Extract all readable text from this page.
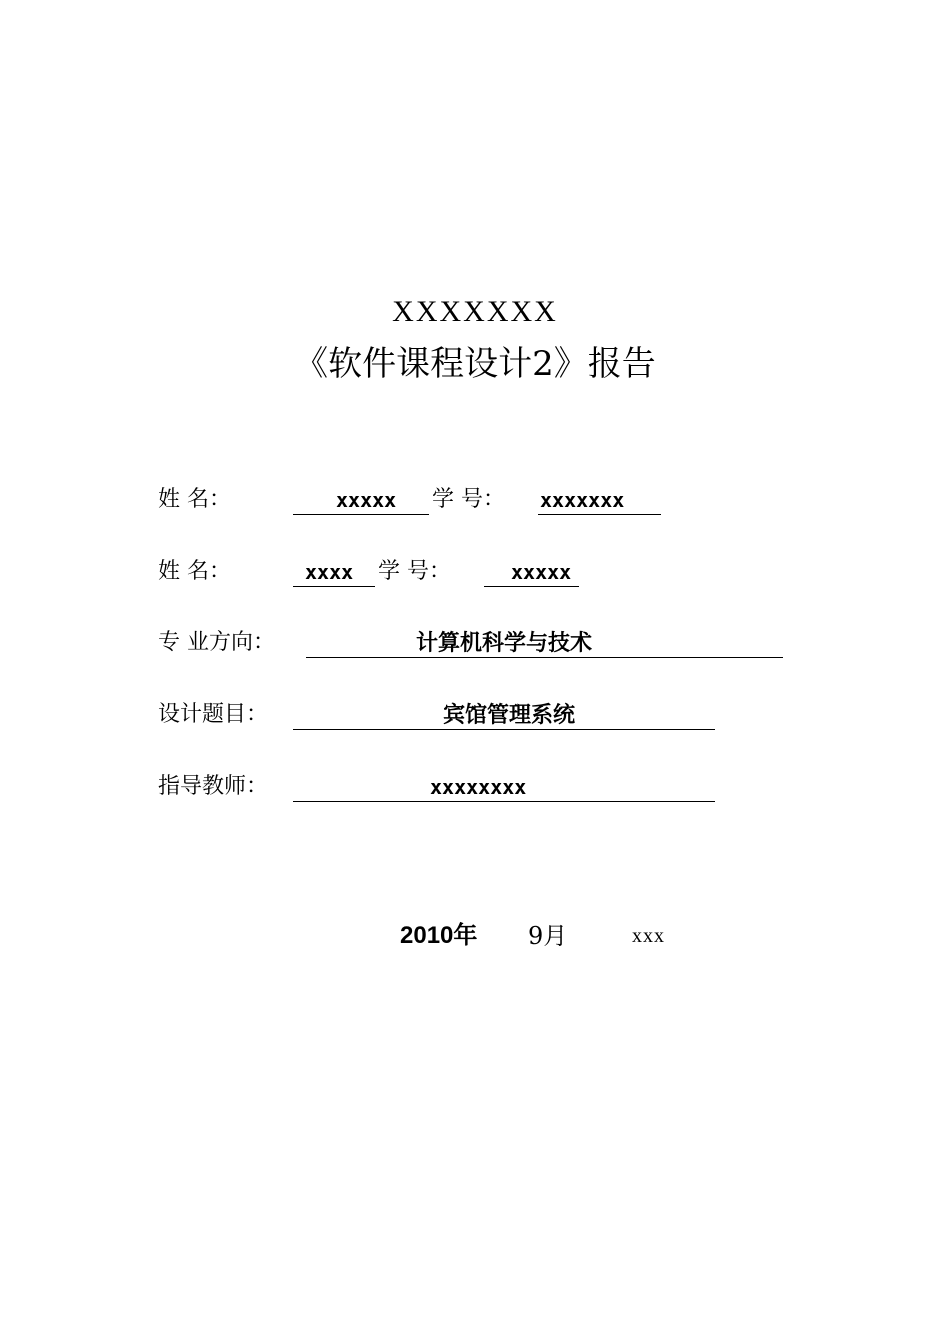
XXXXXXX
《软件课程设计2》报告
姓 名：	xxxxx 学 号： xxxxxxx
姓 名：	xxxx 学 号：	xxxxx
专 业方向：	计算机科学与技术
设计题目：	宾馆管理系统
指导教师：	xxxxxxxx
2010年 9月	xxx
